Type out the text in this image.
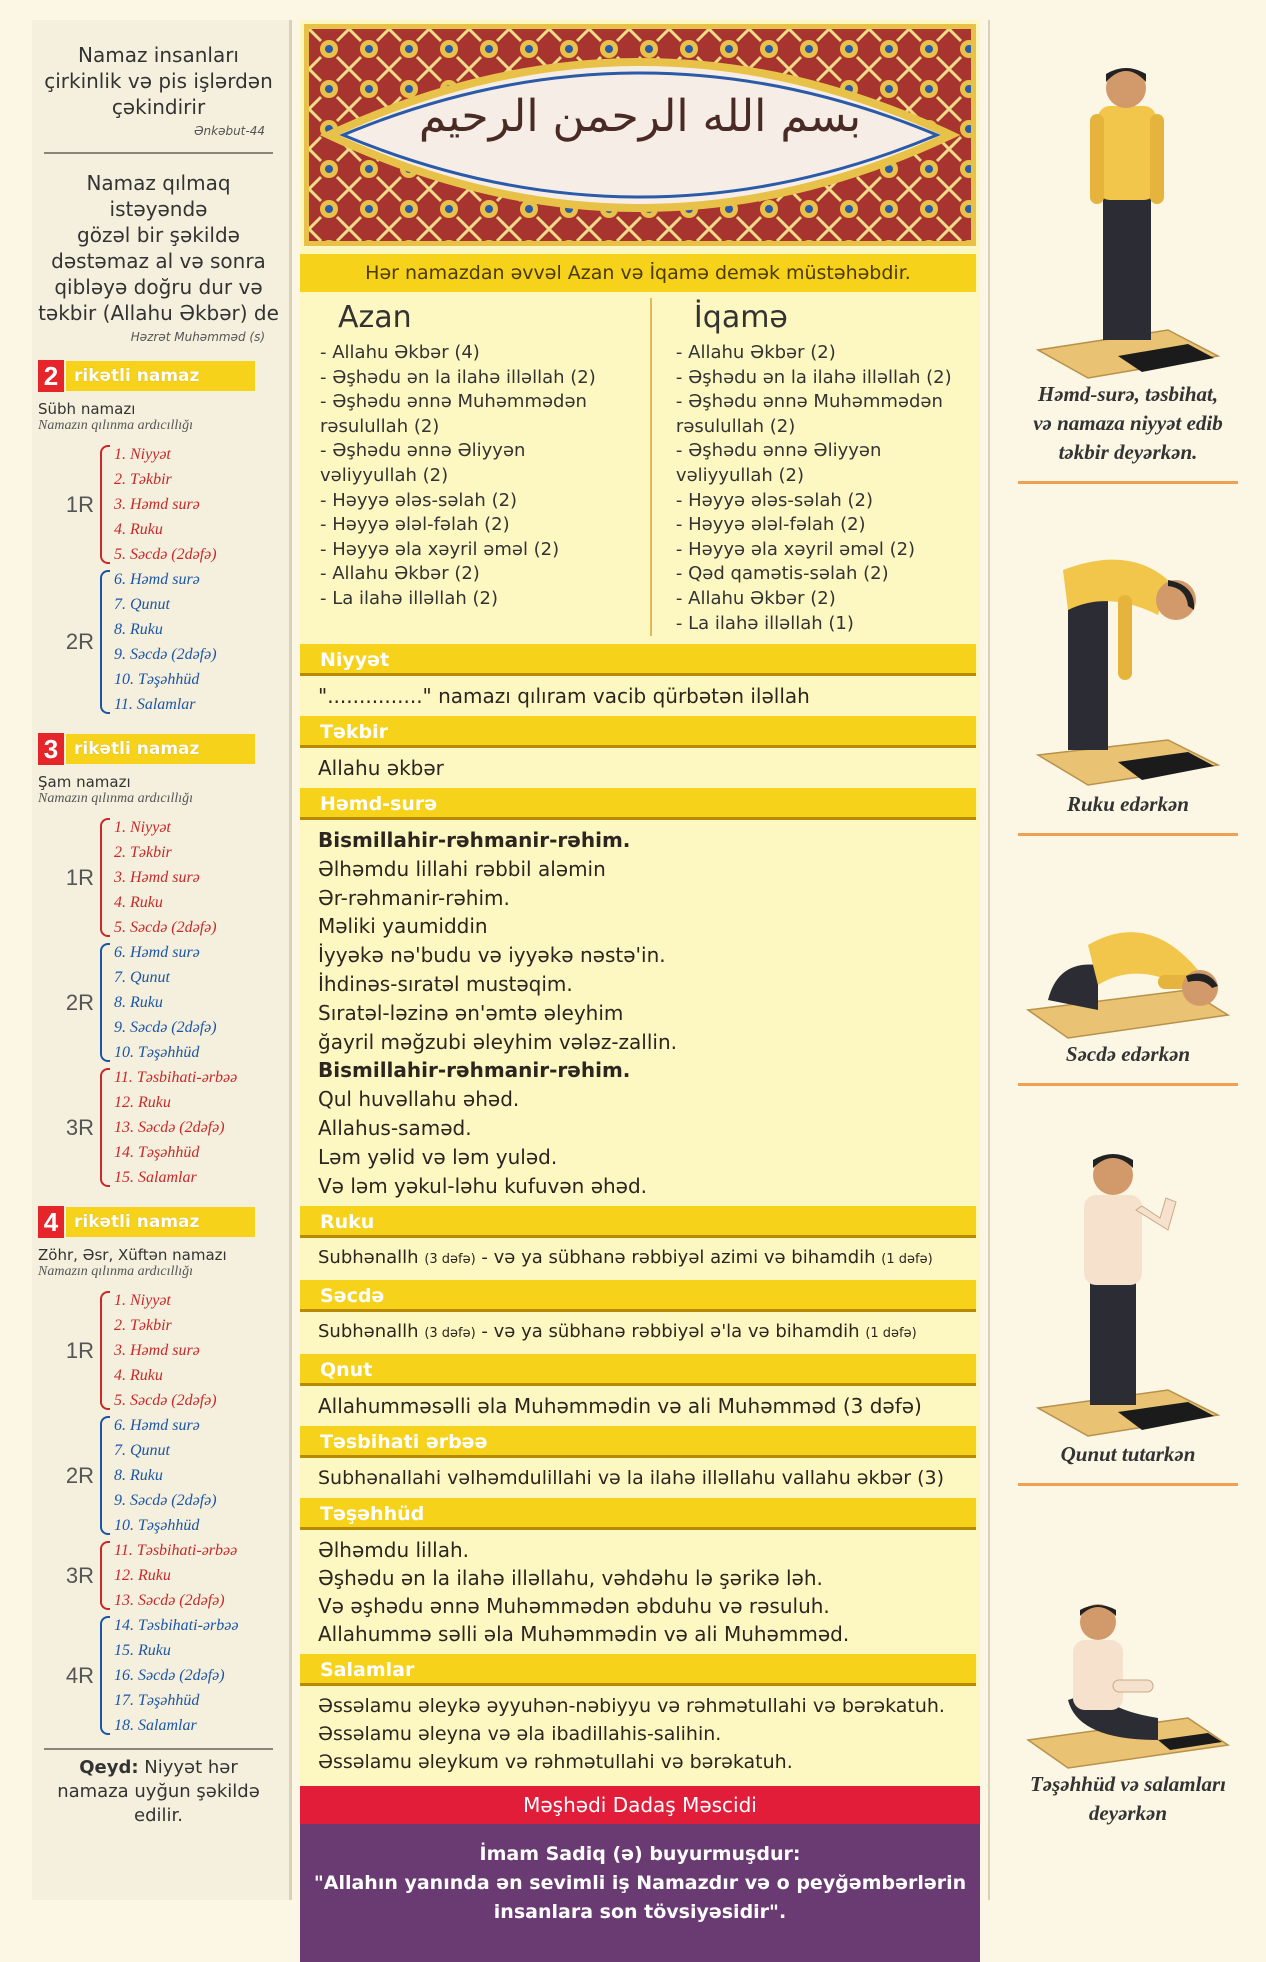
Namaz insanları
çirkinlik və pis işlərdən
çəkindirir
Ənkəbut-44
Namaz qılmaq istəyəndə
gözəl bir şəkildə
dəstəmaz al və sonra
qibləyə doğru dur və
təkbir (Allahu Əkbər) de
Həzrət Muhəmməd (s)
2 rikətli namaz
Sübh namazı
Namazın qılınma ardıcıllığı
1R
1. Niyyət
2. Təkbir
3. Həmd surə
4. Ruku
5. Səcdə (2dəfə)
2R
6. Həmd surə
7. Qunut
8. Ruku
9. Səcdə (2dəfə)
10. Təşəhhüd
11. Salamlar
3 rikətli namaz
Şam namazı
Namazın qılınma ardıcıllığı
1R
1. Niyyət
2. Təkbir
3. Həmd surə
4. Ruku
5. Səcdə (2dəfə)
2R
6. Həmd surə
7. Qunut
8. Ruku
9. Səcdə (2dəfə)
10. Təşəhhüd
3R
11. Təsbihati-ərbəə
12. Ruku
13. Səcdə (2dəfə)
14. Təşəhhüd
15. Salamlar
4 rikətli namaz
Zöhr, Əsr, Xüftən namazı
Namazın qılınma ardıcıllığı
1R
1. Niyyət
2. Təkbir
3. Həmd surə
4. Ruku
5. Səcdə (2dəfə)
2R
6. Həmd surə
7. Qunut
8. Ruku
9. Səcdə (2dəfə)
10. Təşəhhüd
3R
11. Təsbihati-ərbəə
12. Ruku
13. Səcdə (2dəfə)
4R
14. Təsbihati-ərbəə
15. Ruku
16. Səcdə (2dəfə)
17. Təşəhhüd
18. Salamlar
Qeyd: Niyyət hər
namaza uyğun şəkildə
edilir.
بسم الله الرحمن الرحيم
Hər namazdan əvvəl Azan və İqamə demək müstəhəbdir.
Azan
- Allahu Əkbər (4)
- Əşhədu ən la ilahə illəllah (2)
- Əşhədu ənnə Muhəmmədən
rəsulullah (2)
- Əşhədu ənnə Əliyyən
vəliyyullah (2)
- Həyyə ələs-səlah (2)
- Həyyə ələl-fəlah (2)
- Həyyə əla xəyril əməl (2)
- Allahu Əkbər (2)
- La ilahə illəllah (2)
İqamə
- Allahu Əkbər (2)
- Əşhədu ən la ilahə illəllah (2)
- Əşhədu ənnə Muhəmmədən
rəsulullah (2)
- Əşhədu ənnə Əliyyən
vəliyyullah (2)
- Həyyə ələs-səlah (2)
- Həyyə ələl-fəlah (2)
- Həyyə əla xəyril əməl (2)
- Qəd qamətis-səlah (2)
- Allahu Əkbər (2)
- La ilahə illəllah (1)
Niyyət
"..............." namazı qılıram vacib qürbətən iləllah
Təkbir
Allahu əkbər
Həmd-surə
Bismillahir-rəhmanir-rəhim.
Əlhəmdu lillahi rəbbil aləmin
Ər-rəhmanir-rəhim.
Məliki yaumiddin
İyyəkə nə'budu və iyyəkə nəstə'in.
İhdinəs-sıratəl mustəqim.
Sıratəl-ləzinə ən'əmtə əleyhim
ğayril məğzubi əleyhim vələz-zallin.
Bismillahir-rəhmanir-rəhim.
Qul huvəllahu əhəd.
Allahus-saməd.
Ləm yəlid və ləm yuləd.
Və ləm yəkul-ləhu kufuvən əhəd.
Ruku
Subhənallh (3 dəfə) - və ya sübhanə rəbbiyəl azimi və bihamdih (1 dəfə)
Səcdə
Subhənallh (3 dəfə) - və ya sübhanə rəbbiyəl ə'la və bihamdih (1 dəfə)
Qnut
Allahumməsəlli əla Muhəmmədin və ali Muhəmməd (3 dəfə)
Təsbihati ərbəə
Subhənallahi vəlhəmdulillahi və la ilahə illəllahu vallahu əkbər (3)
Təşəhhüd
Əlhəmdu lillah.
Əşhədu ən la ilahə illəllahu, vəhdəhu lə şərikə ləh.
Və əşhədu ənnə Muhəmmədən əbduhu və rəsuluh.
Allahummə səlli əla Muhəmmədin və ali Muhəmməd.
Salamlar
Əssəlamu əleykə əyyuhən-nəbiyyu və rəhmətullahi və bərəkatuh.
Əssəlamu əleyna və əla ibadillahis-salihin.
Əssəlamu əleykum və rəhmətullahi və bərəkatuh.
Məşhədi Dadaş Məscidi
İmam Sadiq (ə) buyurmuşdur:
"Allahın yanında ən sevimli iş Namazdır və o peyğəmbərlərin
insanlara son tövsiyəsidir".
Həmd-surə, təsbihat,
və namaza niyyət edib
təkbir deyərkən.
Ruku edərkən
Səcdə edərkən
Qunut tutarkən
Təşəhhüd və salamları
deyərkən
